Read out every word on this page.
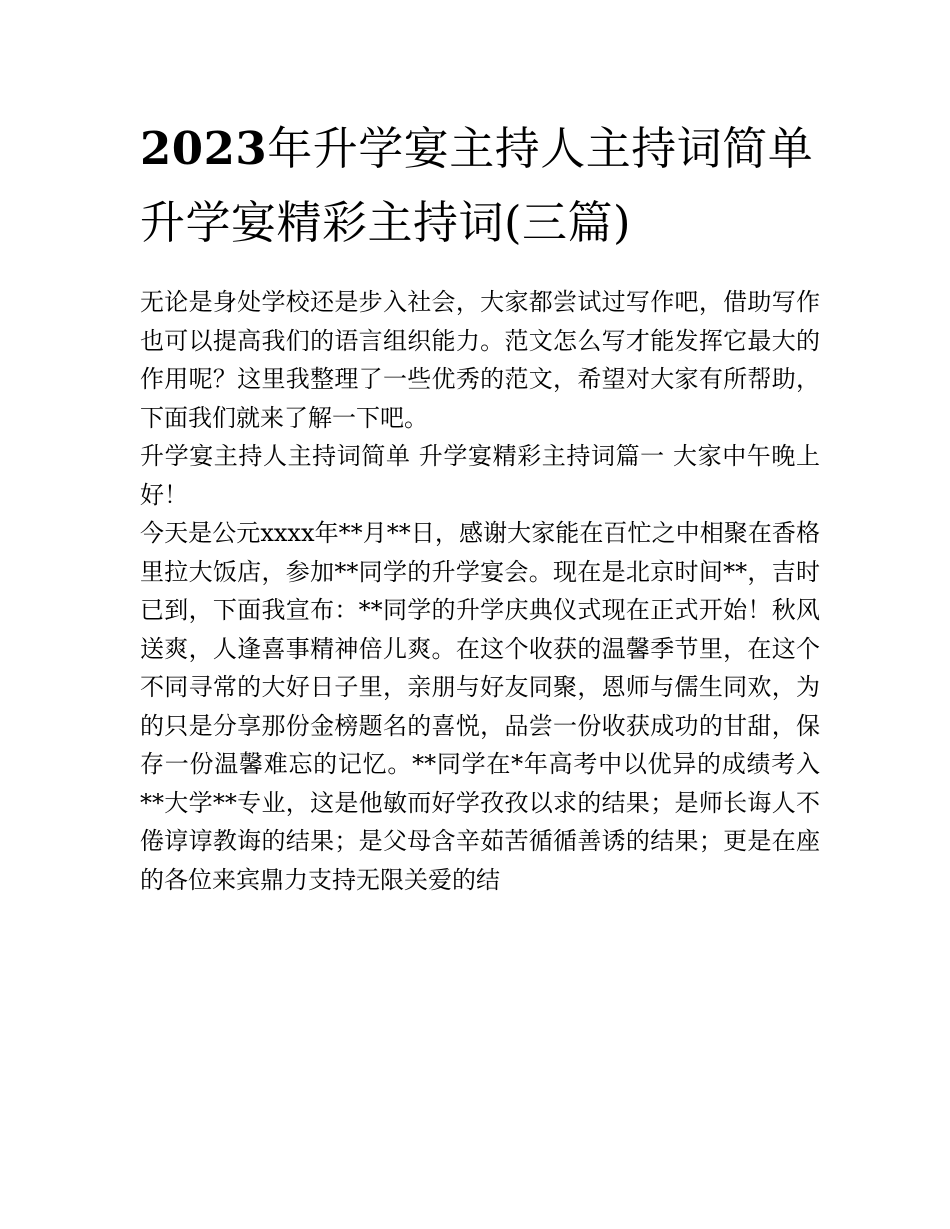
2023年升学宴主持人主持词简单 升学宴精彩主持词(三篇)

无论是身处学校还是步入社会，大家都尝试过写作吧，借助写作也可以提高我们的语言组织能力。范文怎么写才能发挥它最大的作用呢？这里我整理了一些优秀的范文，希望对大家有所帮助，下面我们就来了解一下吧。

升学宴主持人主持词简单 升学宴精彩主持词篇一 大家中午晚上好！

今天是公元xxxx年**月**日，感谢大家能在百忙之中相聚在香格里拉大饭店，参加**同学的升学宴会。现在是北京时间**，吉时已到，下面我宣布：**同学的升学庆典仪式现在正式开始！秋风送爽，人逢喜事精神倍儿爽。在这个收获的温馨季节里，在这个不同寻常的大好日子里，亲朋与好友同聚，恩师与儒生同欢，为的只是分享那份金榜题名的喜悦，品尝一份收获成功的甘甜，保存一份温馨难忘的记忆。**同学在*年高考中以优异的成绩考入**大学**专业，这是他敏而好学孜孜以求的结果；是师长诲人不倦谆谆教诲的结果；是父母含辛茹苦循循善诱的结果；更是在座的各位来宾鼎力支持无限关爱的结
